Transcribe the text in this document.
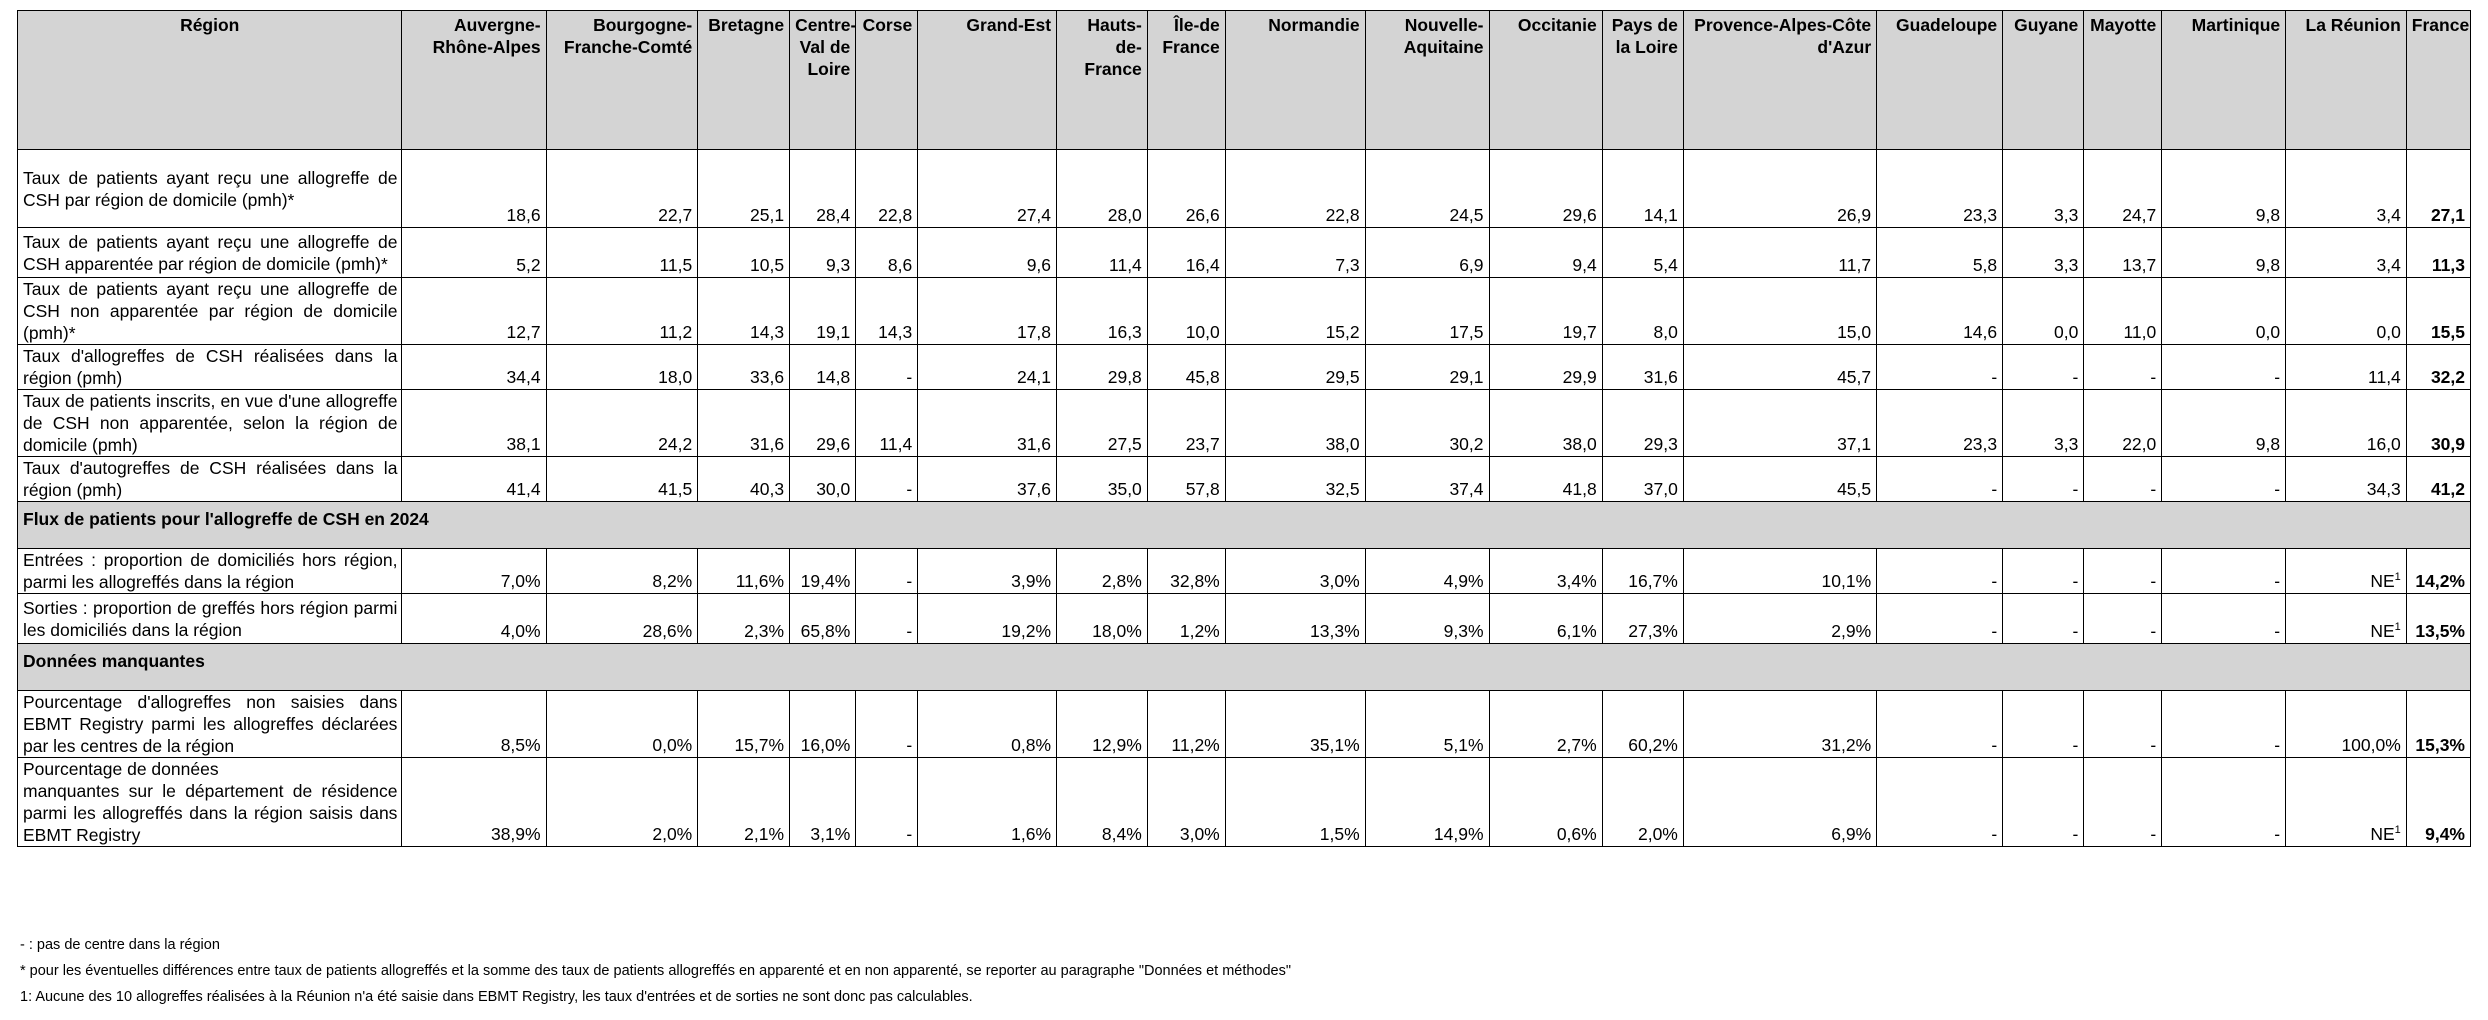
Région	Auvergne-Rhône-Alpes	Bourgogne-Franche-Comté	Bretagne	Centre-Val de Loire	Corse	Grand-Est	Hauts-de-France	Île-de France	Normandie	Nouvelle-Aquitaine	Occitanie	Pays de la Loire	Provence-Alpes-Côte d'Azur	Guadeloupe	Guyane	Mayotte	Martinique	La Réunion	France
Taux de patients ayant reçu une allogreffe de CSH par région de domicile (pmh)*	18,6	22,7	25,1	28,4	22,8	27,4	28,0	26,6	22,8	24,5	29,6	14,1	26,9	23,3	3,3	24,7	9,8	3,4	27,1
Taux de patients ayant reçu une allogreffe de CSH apparentée par région de domicile (pmh)*	5,2	11,5	10,5	9,3	8,6	9,6	11,4	16,4	7,3	6,9	9,4	5,4	11,7	5,8	3,3	13,7	9,8	3,4	11,3
Taux de patients ayant reçu une allogreffe de CSH non apparentée par région de domicile (pmh)*	12,7	11,2	14,3	19,1	14,3	17,8	16,3	10,0	15,2	17,5	19,7	8,0	15,0	14,6	0,0	11,0	0,0	0,0	15,5
Taux d'allogreffes de CSH réalisées dans la région (pmh)	34,4	18,0	33,6	14,8	-	24,1	29,8	45,8	29,5	29,1	29,9	31,6	45,7	-	-	-	-	11,4	32,2
Taux de patients inscrits, en vue d'une allogreffe de CSH non apparentée, selon la région de domicile (pmh)	38,1	24,2	31,6	29,6	11,4	31,6	27,5	23,7	38,0	30,2	38,0	29,3	37,1	23,3	3,3	22,0	9,8	16,0	30,9
Taux d'autogreffes de CSH réalisées dans la région (pmh)	41,4	41,5	40,3	30,0	-	37,6	35,0	57,8	32,5	37,4	41,8	37,0	45,5	-	-	-	-	34,3	41,2
Flux de patients pour l'allogreffe de CSH en 2024																			
Entrées : proportion de domiciliés hors région, parmi les allogreffés dans la région	7,0%	8,2%	11,6%	19,4%	-	3,9%	2,8%	32,8%	3,0%	4,9%	3,4%	16,7%	10,1%	-	-	-	-	$NE^1$	14,2%
Sorties : proportion de greffés hors région parmi les domiciliés dans la région	4,0%	28,6%	2,3%	65,8%	-	19,2%	18,0%	1,2%	13,3%	9,3%	6,1%	27,3%	2,9%	-	-	-	-	$NE^1$	13,5%
Données manquantes																			
Pourcentage d'allogreffes non saisies dans EBMT Registry parmi les allogreffes déclarées par les centres de la région	8,5%	0,0%	15,7%	16,0%	-	0,8%	12,9%	11,2%	35,1%	5,1%	2,7%	60,2%	31,2%	-	-	-	-	100,0%	15,3%
Pourcentage de données
manquantes sur le département de résidence parmi les allogreffés dans la région saisis dans EBMT Registry	38,9%	2,0%	2,1%	3,1%	-	1,6%	8,4%	3,0%	1,5%	14,9%	0,6%	2,0%	6,9%	-	-	-	-	$NE^1$	9,4%
- : pas de centre dans la région
* pour les éventuelles différences entre taux de patients allogreffés et la somme des taux de patients allogreffés en apparenté et en non apparenté, se reporter au paragraphe "Données et méthodes"
1: Aucune des 10 allogreffes réalisées à la Réunion n'a été saisie dans EBMT Registry, les taux d'entrées et de sorties ne sont donc pas calculables.
